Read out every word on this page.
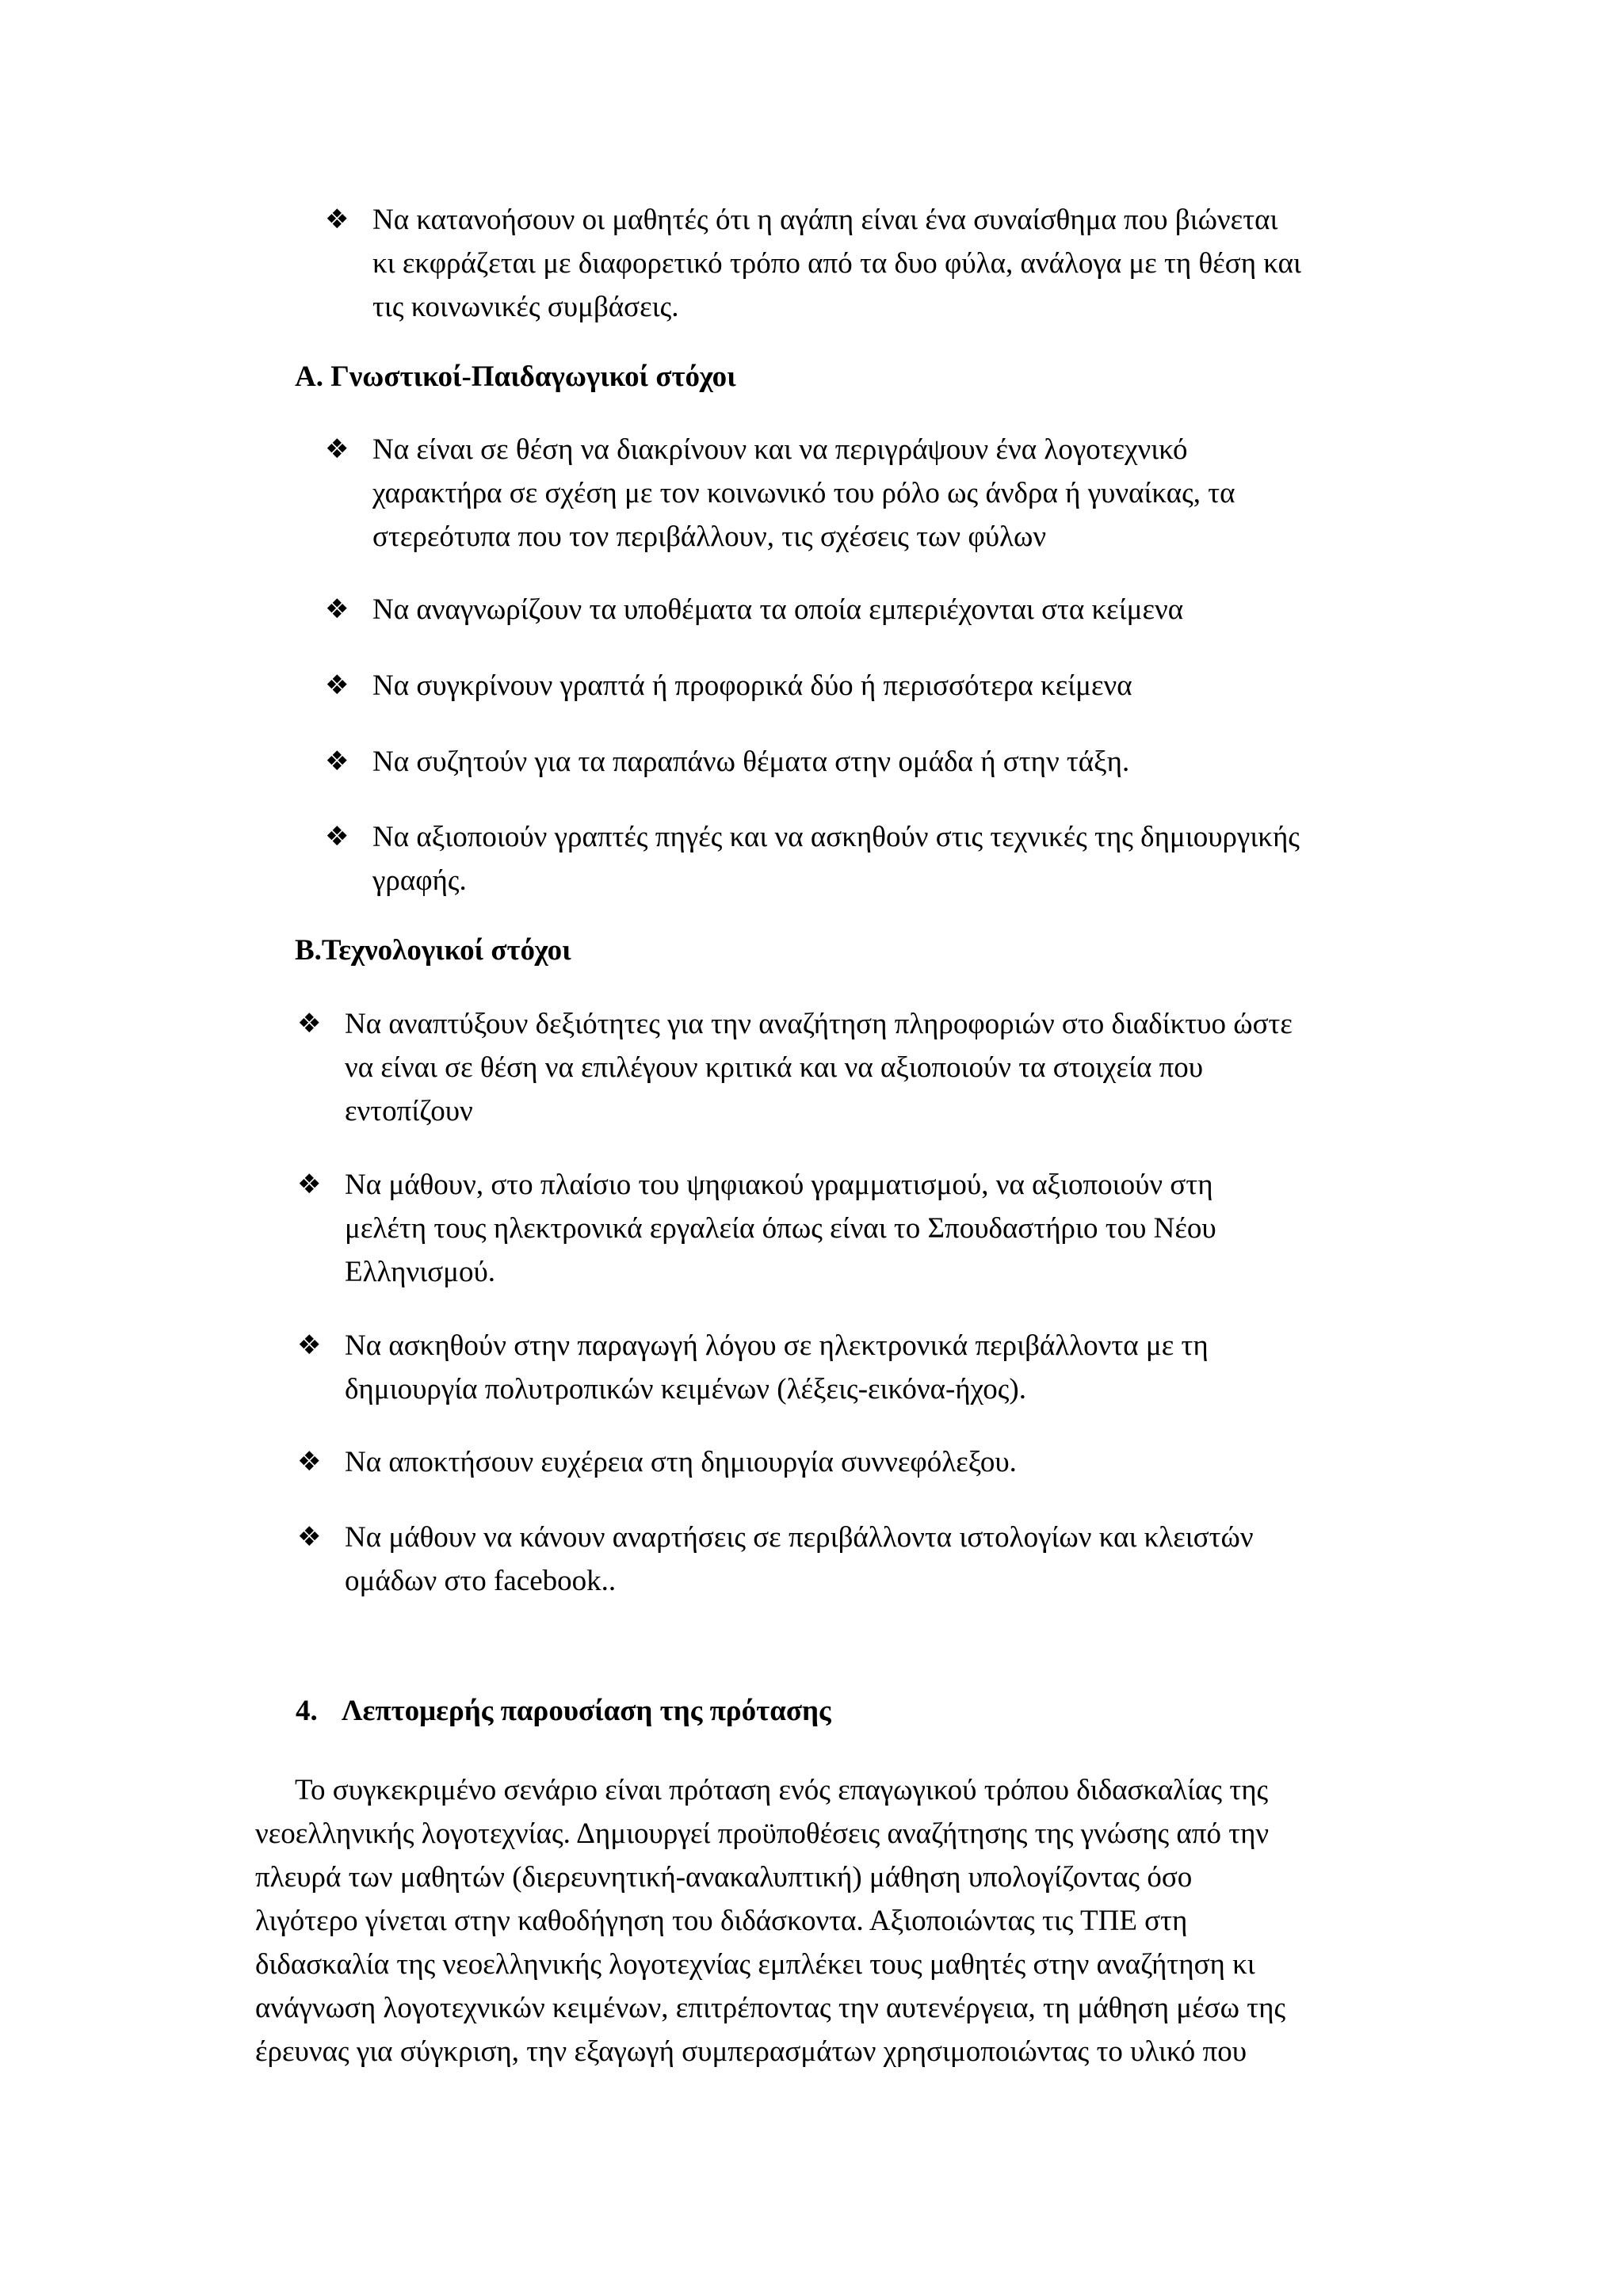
❖ Να κατανοήσουν οι μαθητές ότι η αγάπη είναι ένα συναίσθημα που βιώνεται
κι εκφράζεται με διαφορετικό τρόπο από τα δυο φύλα, ανάλογα με τη θέση και
τις κοινωνικές συμβάσεις.
Α. Γνωστικοί-Παιδαγωγικοί στόχοι
❖ Να είναι σε θέση να διακρίνουν και να περιγράψουν ένα λογοτεχνικό
χαρακτήρα σε σχέση με τον κοινωνικό του ρόλο ως άνδρα ή γυναίκας, τα
στερεότυπα που τον περιβάλλουν, τις σχέσεις των φύλων
❖ Να αναγνωρίζουν τα υποθέματα τα οποία εμπεριέχονται στα κείμενα
❖ Να συγκρίνουν γραπτά ή προφορικά δύο ή περισσότερα κείμενα
❖ Να συζητούν για τα παραπάνω θέματα στην ομάδα ή στην τάξη.
❖ Να αξιοποιούν γραπτές πηγές και να ασκηθούν στις τεχνικές της δημιουργικής
γραφής.
Β.Τεχνολογικοί στόχοι
❖ Να αναπτύξουν δεξιότητες για την αναζήτηση πληροφοριών στο διαδίκτυο ώστε
να είναι σε θέση να επιλέγουν κριτικά και να αξιοποιούν τα στοιχεία που
εντοπίζουν
❖ Να μάθουν, στο πλαίσιο του ψηφιακού γραμματισμού, να αξιοποιούν στη
μελέτη τους ηλεκτρονικά εργαλεία όπως είναι το Σπουδαστήριο του Νέου
Ελληνισμού.
❖ Να ασκηθούν στην παραγωγή λόγου σε ηλεκτρονικά περιβάλλοντα με τη
δημιουργία πολυτροπικών κειμένων (λέξεις-εικόνα-ήχος).
❖ Να αποκτήσουν ευχέρεια στη δημιουργία συννεφόλεξου.
❖ Να μάθουν να κάνουν αναρτήσεις σε περιβάλλοντα ιστολογίων και κλειστών
ομάδων στο facebook..
4. Λεπτομερής παρουσίαση της πρότασης
Το συγκεκριμένο σενάριο είναι πρόταση ενός επαγωγικού τρόπου διδασκαλίας της
νεοελληνικής λογοτεχνίας. Δημιουργεί προϋποθέσεις αναζήτησης της γνώσης από την
πλευρά των μαθητών (διερευνητική-ανακαλυπτική) μάθηση υπολογίζοντας όσο
λιγότερο γίνεται στην καθοδήγηση του διδάσκοντα. Αξιοποιώντας τις ΤΠΕ στη
διδασκαλία της νεοελληνικής λογοτεχνίας εμπλέκει τους μαθητές στην αναζήτηση κι
ανάγνωση λογοτεχνικών κειμένων, επιτρέποντας την αυτενέργεια, τη μάθηση μέσω της
έρευνας για σύγκριση, την εξαγωγή συμπερασμάτων χρησιμοποιώντας το υλικό που
